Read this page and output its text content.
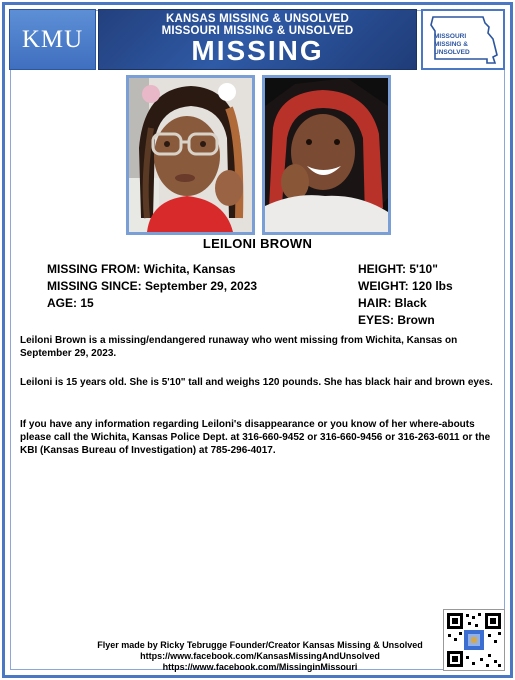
KMU
KANSAS MISSING & UNSOLVED
MISSOURI MISSING & UNSOLVED
MISSING	MISSOURI
MISSING &
UNSOLVED
LEILONI BROWN
MISSING FROM: Wichita, Kansas
MISSING SINCE: September 29, 2023
AGE: 15
HEIGHT: 5'10"
WEIGHT: 120 lbs
HAIR: Black
EYES: Brown
Leiloni Brown is a missing/endangered runaway who went missing from Wichita, Kansas on September 29, 2023.
Leiloni is 15 years old. She is 5'10" tall and weighs 120 pounds. She has black hair and brown eyes.
If you have any information regarding Leiloni's disappearance or you know of her where-abouts please call the Wichita, Kansas Police Dept. at 316-660-9452 or 316-660-9456 or 316-263-6011 or the KBI (Kansas Bureau of Investigation) at 785-296-4017.
Flyer made by Ricky Tebrugge Founder/Creator Kansas Missing & Unsolved
https://www.facebook.com/KansasMissingAndUnsolved
https://www.facebook.com/MissinginMissouri
